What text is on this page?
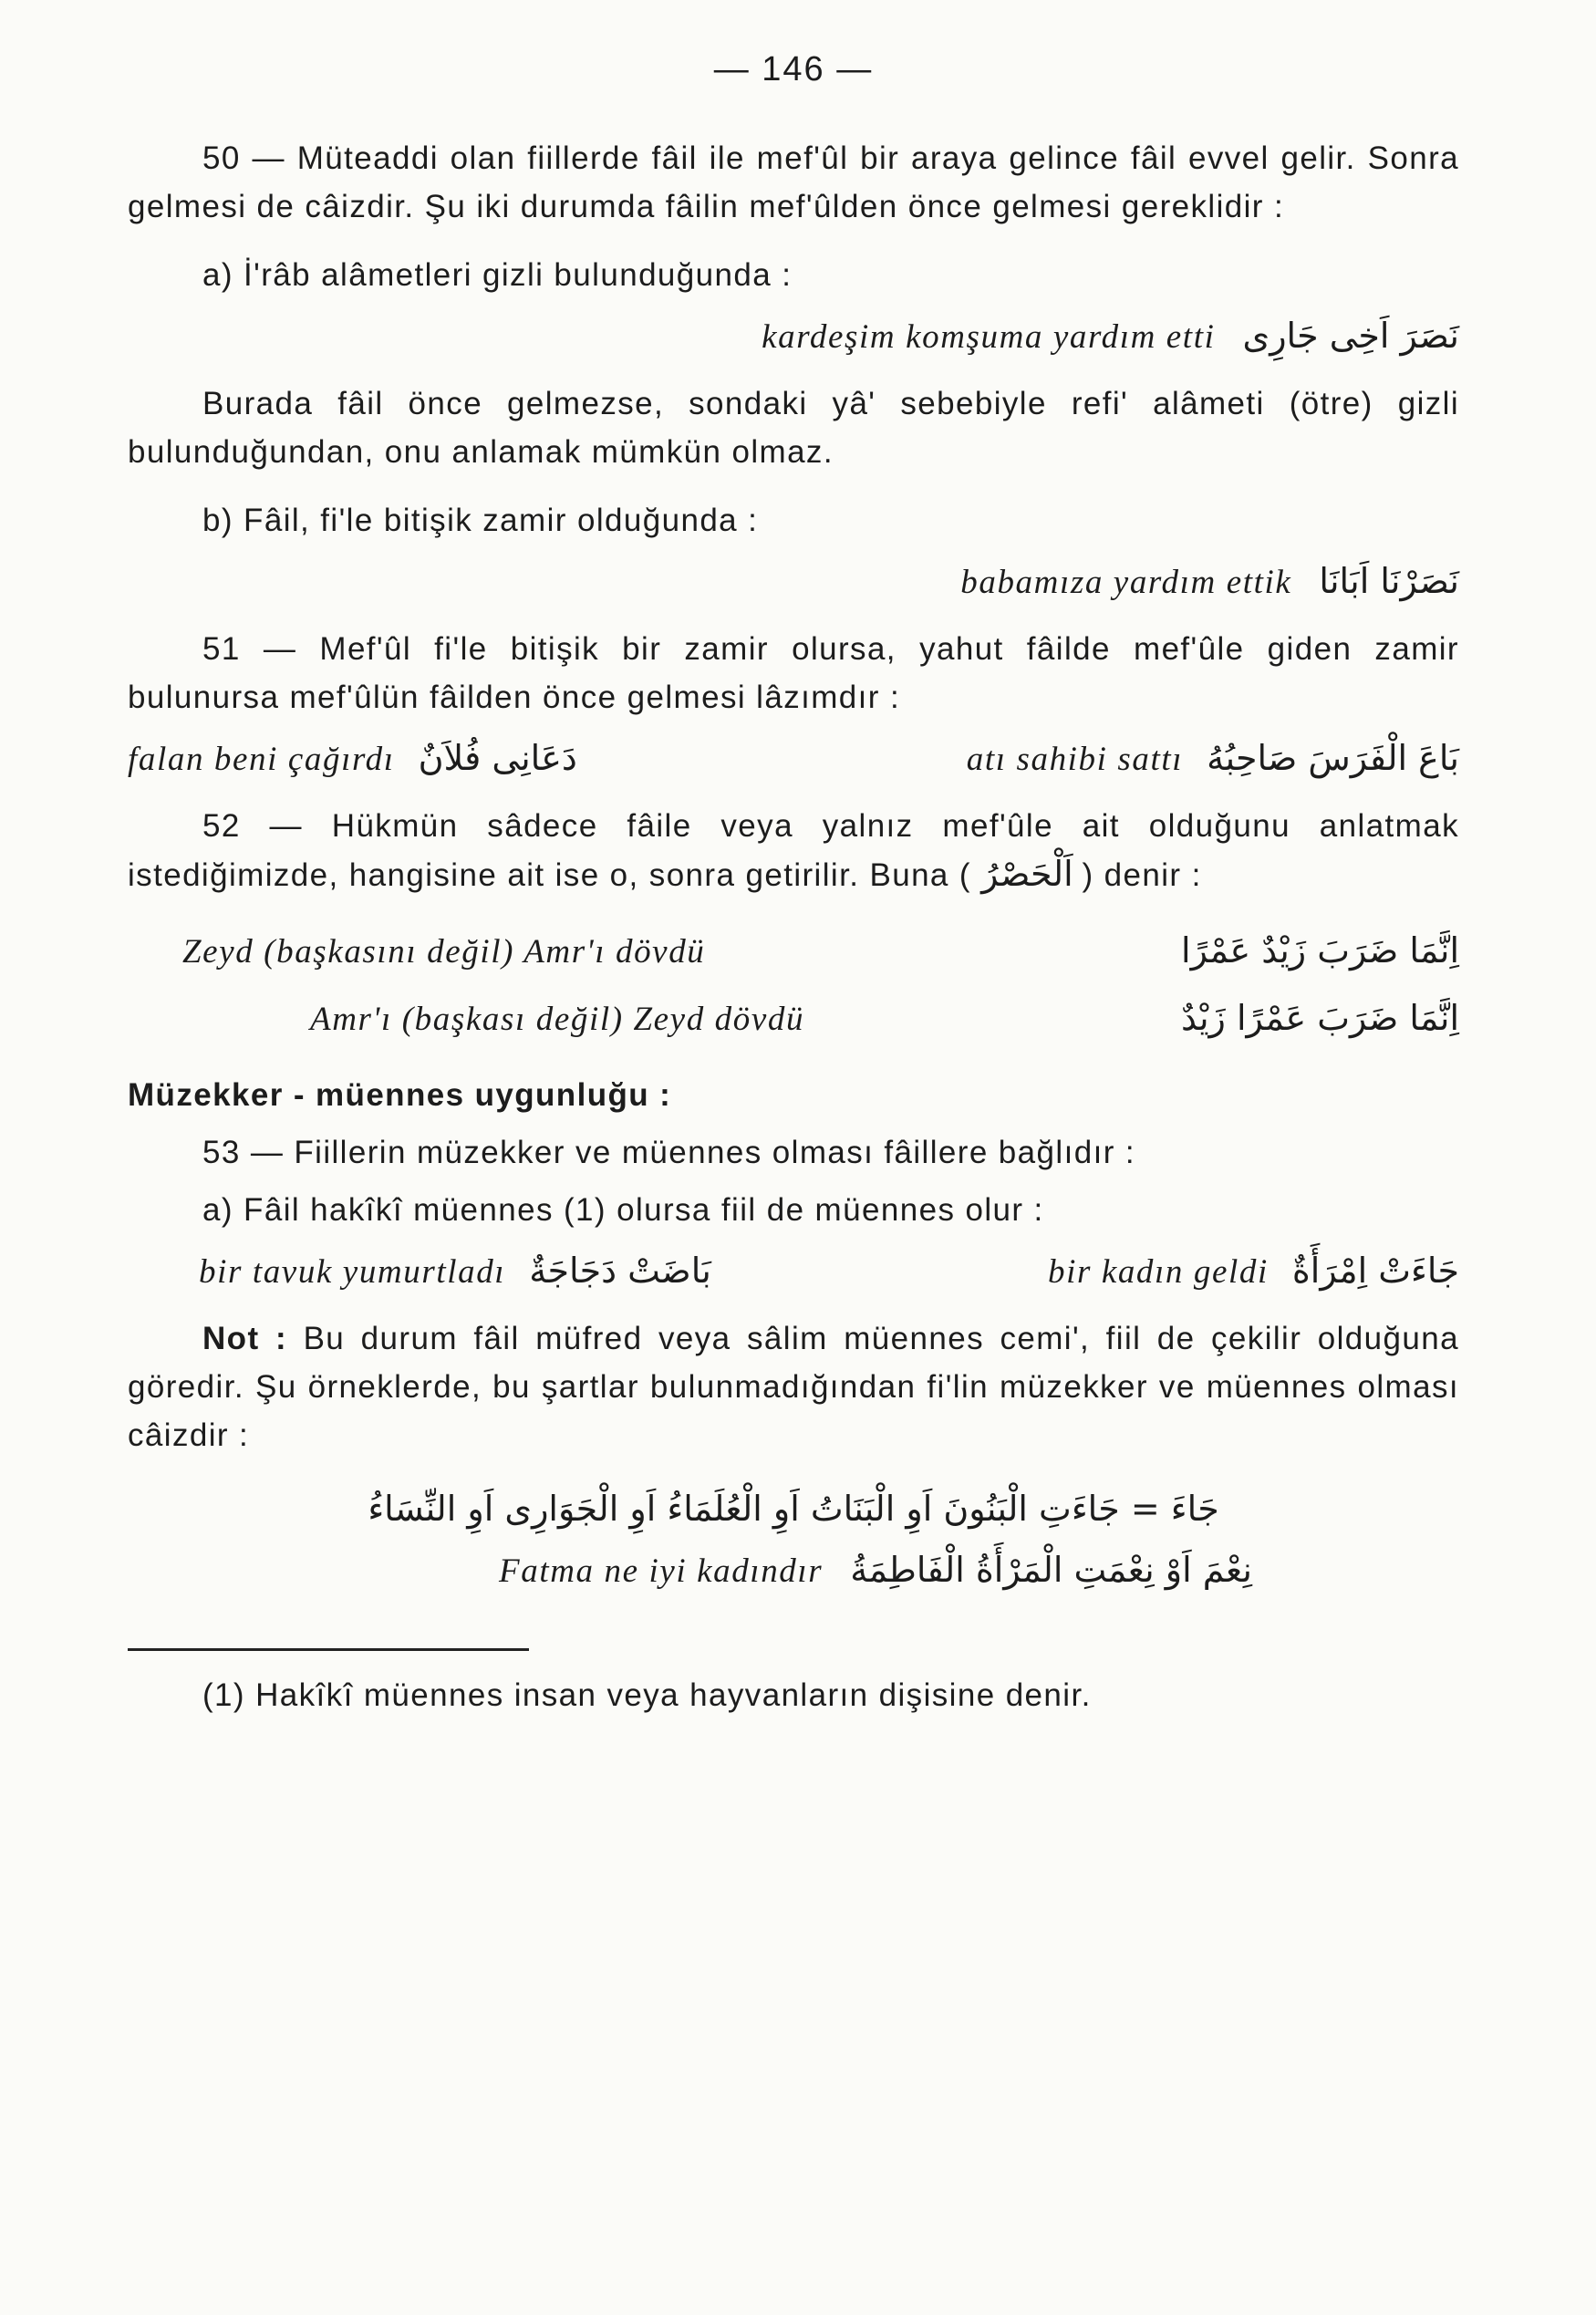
— 146 —

50 — Müteaddi olan fiillerde fâil ile mef'ûl bir araya gelince fâil evvel gelir. Sonra gelmesi de câizdir. Şu iki durumda fâilin mef'ûlden önce gelmesi gereklidir :

a) İ'râb alâmetleri gizli bulunduğunda :

kardeşim komşuma yardım etti نَصَرَ اَخِى جَارِى

Burada fâil önce gelmezse, sondaki yâ' sebebiyle refi' alâmeti (ötre) gizli bulunduğundan, onu anlamak mümkün olmaz.

b) Fâil, fi'le bitişik zamir olduğunda :

babamıza yardım ettik نَصَرْنَا اَبَانَا

51 — Mef'ûl fi'le bitişik bir zamir olursa, yahut fâilde mef'ûle giden zamir bulunursa mef'ûlün fâilden önce gelmesi lâzımdır :

falan beni çağırdı دَعَانِى فُلاَنٌ	atı sahibi sattı بَاعَ الْفَرَسَ صَاحِبُهُ

52 — Hükmün sâdece fâile veya yalnız mef'ûle ait olduğunu anlatmak istediğimizde, hangisine ait ise o, sonra getirilir. Buna ( اَلْحَصْرُ ) denir :

Zeyd (başkasını değil) Amr'ı dövdü	اِنَّمَا ضَرَبَ زَيْدٌ عَمْرًا
Amr'ı (başkası değil) Zeyd dövdü	اِنَّمَا ضَرَبَ عَمْرًا زَيْدٌ

Müzekker - müennes uygunluğu :

53 — Fiillerin müzekker ve müennes olması fâillere bağlıdır :

a) Fâil hakîkî müennes (1) olursa fiil de müennes olur :

bir tavuk yumurtladı بَاضَتْ دَجَاجَةٌ	bir kadın geldi جَاءَتْ اِمْرَأَةٌ

Not : Bu durum fâil müfred veya sâlim müennes cemi', fiil de çekilir olduğuna göredir. Şu örneklerde, bu şartlar bulunmadığından fi'lin müzekker ve müennes olması câizdir :

جَاءَ = جَاءَتِ الْبَنُونَ اَوِ الْبَنَاتُ اَوِ الْعُلَمَاءُ اَوِ الْجَوَارِى اَوِ النِّسَاءُ
Fatma ne iyi kadındır نِعْمَ اَوْ نِعْمَتِ الْمَرْأَةُ الْفَاطِمَةُ

(1) Hakîkî müennes insan veya hayvanların dişisine denir.
